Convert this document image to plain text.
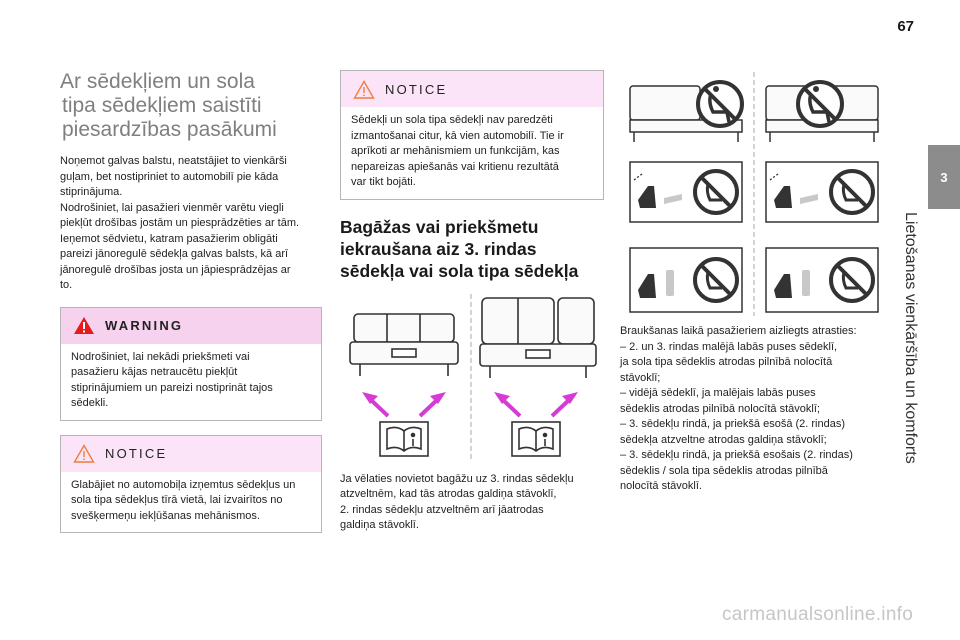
67
3
Lietošanas vienkāršība un komforts
Ar sēdekļiem un sola
tipa sēdekļiem saistīti
piesardzības pasākumi
Noņemot galvas balstu, neatstājiet to vienkārši
guļam, bet nostipriniet to automobilī pie kāda
stiprinājuma.
Nodrošiniet, lai pasažieri vienmēr varētu viegli
piekļūt drošības jostām un piesprādzēties ar tām.
Ieņemot sēdvietu, katram pasažierim obligāti
pareizi jānoregulē sēdekļa galvas balsts, kā arī
jānoregulē drošības josta un jāpiesprādzējas ar
to.
WARNING
Nodrošiniet, lai nekādi priekšmeti vai
pasažieru kājas netraucētu piekļūt
stiprinājumiem un pareizi nostiprināt tajos
sēdekli.
NOTICE
Glabājiet no automobiļa izņemtus sēdekļus un
sola tipa sēdekļus tīrā vietā, lai izvairītos no
svešķermeņu iekļūšanas mehānismos.
NOTICE
Sēdekļi un sola tipa sēdekļi nav paredzēti
izmantošanai citur, kā vien automobilī. Tie ir
aprīkoti ar mehānismiem un funkcijām, kas
nepareizas apiešanās vai kritienu rezultātā
var tikt bojāti.
Bagāžas vai priekšmetu
iekraušana aiz 3. rindas
sēdekļa vai sola tipa sēdekļa
Ja vēlaties novietot bagāžu uz 3. rindas sēdekļu
atzveltnēm, kad tās atrodas galdiņa stāvoklī,
2. rindas sēdekļu atzveltnēm arī jāatrodas
galdiņa stāvoklī.
Braukšanas laikā pasažieriem aizliegts atrasties:
– 2. un 3. rindas malējā labās puses sēdeklī,
ja sola tipa sēdeklis atrodas pilnībā nolocītā
stāvoklī;
– vidējā sēdeklī, ja malējais labās puses
sēdeklis atrodas pilnībā nolocītā stāvoklī;
– 3. sēdekļu rindā, ja priekšā esošā (2. rindas)
sēdekļa atzveltne atrodas galdiņa stāvoklī;
– 3. sēdekļu rindā, ja priekšā esošais (2. rindas)
sēdeklis / sola tipa sēdeklis atrodas pilnībā
nolocītā stāvoklī.
carmanualsonline.info
